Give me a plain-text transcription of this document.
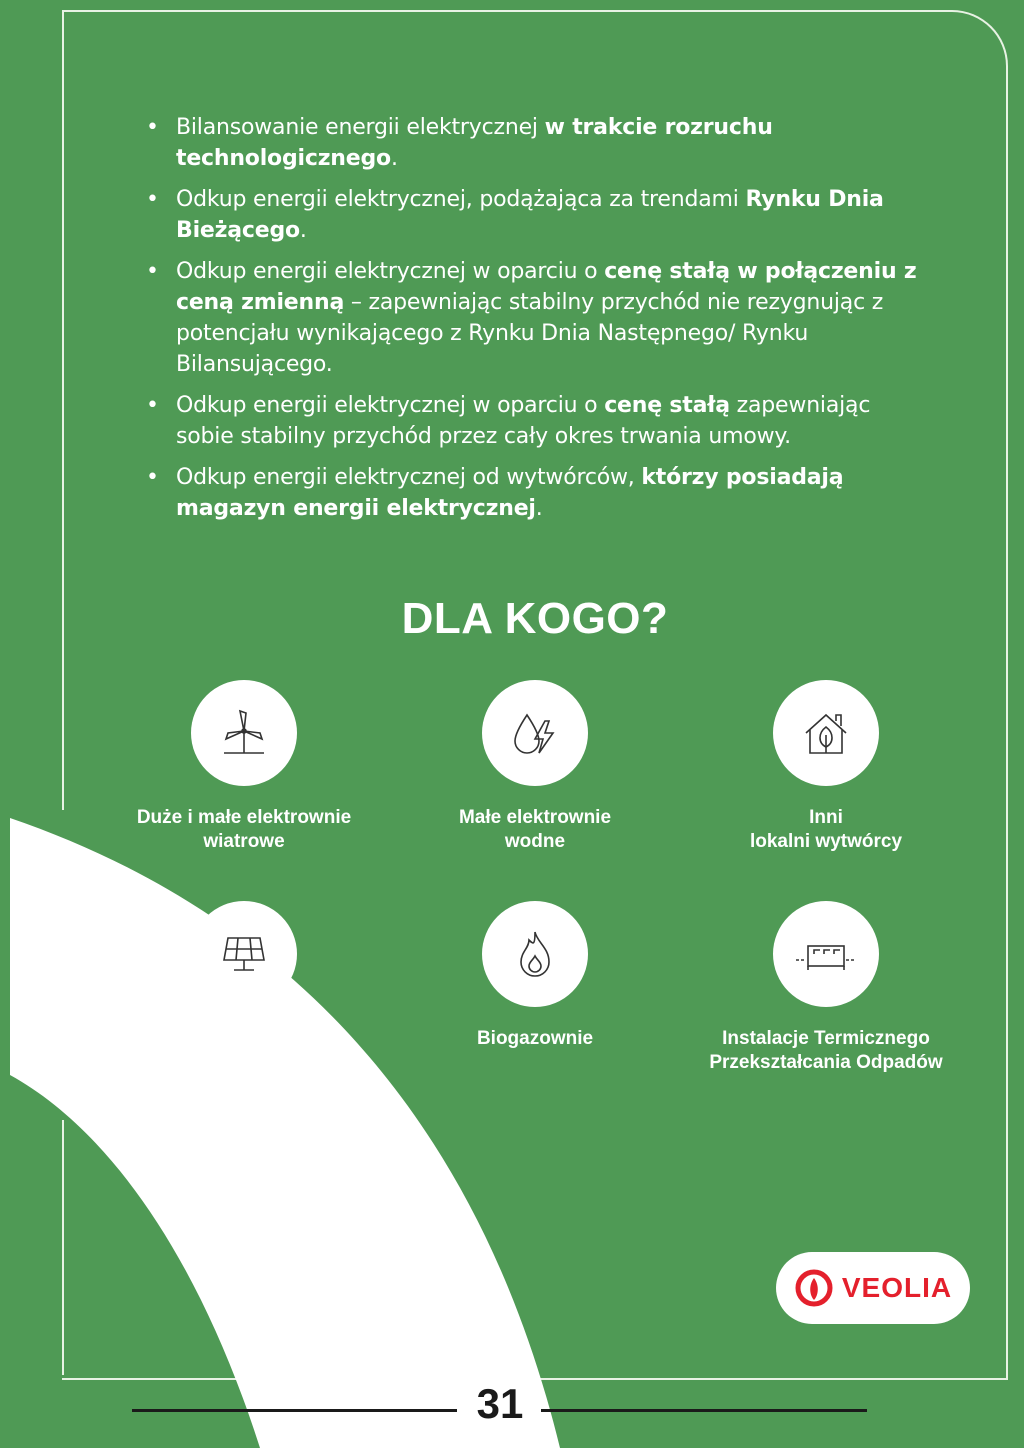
• Bilansowanie energii elektrycznej w trakcie rozruchu technologicznego.
• Odkup energii elektrycznej, podążająca za trendami Rynku Dnia Bieżącego.
• Odkup energii elektrycznej w oparciu o cenę stałą w połączeniu z ceną zmienną – zapewniając stabilny przychód nie rezygnując z potencjału wynikającego z Rynku Dnia Następnego/ Rynku Bilansującego.
• Odkup energii elektrycznej w oparciu o cenę stałą zapewniając sobie stabilny przychód przez cały okres trwania umowy.
• Odkup energii elektrycznej od wytwórców, którzy posiadają magazyn energii elektrycznej.
DLA KOGO?
Duże i małe elektrownie
wiatrowe
Małe elektrownie
wodne
Inni
lokalni wytwórcy
Biogazownie	Instalacje Termicznego
Przekształcania Odpadów
VEOLIA
31
